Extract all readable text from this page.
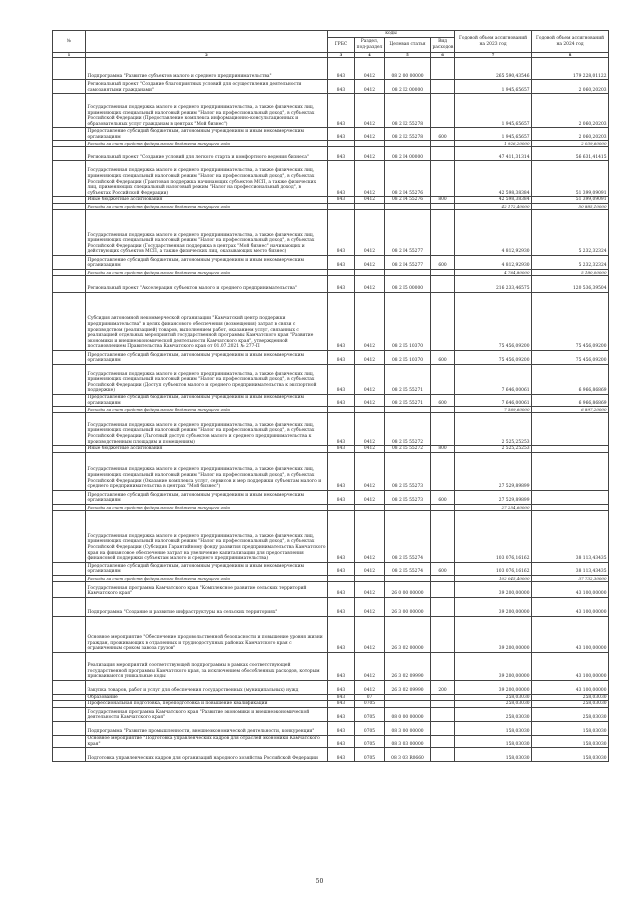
№		коды				Годовой объем ассигнований на 2023 год	Годовой объем ассигнований на 2024 год
		ГРБС	Раздел, под-раздел	Целевая статья	Вид расходов		
1	2	3	4	5	6	7	8
	Подпрограмма "Развитие субъектов малого и среднего предпринимательства"	843	0412	08 2 00 00000		265 590,43546	179 228,01122
	Региональный проект "Создание благоприятных условий для осуществления деятельности самозанятыми гражданами"	843	0412	08 2 I2 00000		1 945,65657	2 060,20203
	Государственная поддержка малого и среднего предпринимательства, а также физических лиц, применяющих специальный налоговый режим "Налог на профессиональный доход", в субъектах Российской Федерации (Предоставление комплекса информационно-консультационных и образовательных услуг гражданам в центрах "Мой бизнес")	843	0412	08 2 I2 55278		1 945,65657	2 060,20203
	Предоставление субсидий бюджетным, автономным учреждениям и иным некоммерческим организациям	843	0412	08 2 I2 55278	600	1 945,65657	2 060,20203
	Расходы за счет средств федерального бюджета текущего года					1 926,20000	2 039,60000
	Региональный проект "Создание условий для легкого старта и комфортного ведения бизнеса"	843	0412	08 2 I4 00000		47 411,31314	56 631,41415
	Государственная поддержка малого и среднего предпринимательства, а также физических лиц, применяющих специальный налоговый режим "Налог на профессиональный доход", в субъектах Российской Федерации (Грантовая поддержка начинающих субъектов МСП, а также физических лиц, применяющих специальный налоговый режим "Налог на профессиональный доход", в субъектах Российской Федерации)	843	0412	08 2 I4 55276		42 598,38384	51 399,09091
	Иные бюджетные ассигнования	843	0412	08 2 I4 55276	800	42 598,38384	51 399,09091
	Расходы за счет средств федерального бюджета текущего года					42 172,40000	50 885,10000
	Государственная поддержка малого и среднего предпринимательства, а также физических лиц, применяющих специальный налоговый режим "Налог на профессиональный доход", в субъектах Российской Федерации (Государственная поддержка в центрах "Мой бизнес" начинающих и действующих субъектов МСП, а также физических лиц, оказывающих место бизнес)	843	0412	08 2 I4 55277		4 812,92930	5 232,32324
	Предоставление субсидий бюджетным, автономным учреждениям и иным некоммерческим организациям	843	0412	08 2 I4 55277	600	4 812,92930	5 232,32324
	Расходы за счет средств федерального бюджета текущего года					4 764,80000	5 180,00000
	Региональный проект "Акселерация субъектов малого и среднего предпринимательства"	843	0412	08 2 I5 00000		216 233,46575	120 536,39504
	Субсидия автономной некоммерческой организации "Камчатский центр поддержки предпринимательства" в целях финансового обеспечения (возмещения) затрат в связи с производством (реализацией) товаров, выполнением работ, оказанием услуг, связанных с реализацией отдельных мероприятий государственной программы Камчатского края "Развитие экономики и внешнеэкономической деятельности Камчатского края", утвержденной постановлением Правительства Камчатского края от 01.07.2021 № 277-П	843	0412	08 2 I5 10370		75 456,09200	75 456,09200
	Предоставление субсидий бюджетным, автономным учреждениям и иным некоммерческим организациям	843	0412	08 2 I5 10370	600	75 456,09200	75 456,09200
	Государственная поддержка малого и среднего предпринимательства, а также физических лиц, применяющих специальный налоговый режим "Налог на профессиональный доход", в субъектах Российской Федерации (Доступ субъектов малого и среднего предпринимательства к экспортной поддержке)	843	0412	08 2 I5 55271		7 646,00061	6 966,86869
	Предоставление субсидий бюджетным, автономным учреждениям и иным некоммерческим организациям	843	0412	08 2 I5 55271	600	7 646,00061	6 966,86869
	Расходы за счет средств федерального бюджета текущего года					7 569,60000	6 897,20000
	Государственная поддержка малого и среднего предпринимательства, а также физических лиц, применяющих специальный налоговый режим "Налог на профессиональный доход", в субъектах Российской Федерации (Льготный доступ субъектов малого и среднего предпринимательства к производственным площадям и помещениям)	843	0412	08 2 I5 55272		2 525,25253	
	Иные бюджетные ассигнования	843	0412	08 2 I5 55272	800	2 525,25253	
	Государственная поддержка малого и среднего предпринимательства, а также физических лиц, применяющих специальный налоговый режим "Налог на профессиональный доход", в субъектах Российской Федерации (Оказание комплекса услуг, сервисов и мер поддержки субъектам малого и среднего предпринимательства в центрах "Мой бизнес")	843	0412	08 2 I5 55273		27 529,89899	
	Предоставление субсидий бюджетным, автономным учреждениям и иным некоммерческим организациям	843	0412	08 2 I5 55273	600	27 529,89899	
	Расходы за счет средств федерального бюджета текущего года					27 254,60000	
	Государственная поддержка малого и среднего предпринимательства, а также физических лиц, применяющих специальный налоговый режим "Налог на профессиональный доход", в субъектах Российской Федерации (Субсидия Гарантийному фонду развития предпринимательства Камчатского края на финансовое обеспечение затрат на увеличение капитализации для предоставления финансовой поддержки субъектам малого и среднего предпринимательства)	843	0412	08 2 I5 55274		103 076,16162	38 113,43435
	Предоставление субсидий бюджетным, автономным учреждениям и иным некоммерческим организациям	843	0412	08 2 I5 55274	600	103 076,16162	38 113,43435
	Расходы за счет средств федерального бюджета текущего года					102 045,40000	37 732,30000
	Государственная программа Камчатского края "Комплексное развитие сельских территорий Камчатского края"	843	0412	26 0 00 00000		39 200,00000	43 100,00000
	Подпрограмма "Создание и развитие инфраструктуры на сельских территориях"	843	0412	26 3 00 00000		39 200,00000	43 100,00000
	Основное мероприятие "Обеспечение продовольственной безопасности и повышение уровня жизни граждан, проживающих в отдаленных и труднодоступных районах Камчатского края с ограниченным сроком завоза грузов"	843	0412	26 3 02 00000		39 200,00000	43 100,00000
	Реализация мероприятий соответствующей подпрограммы в рамках соответствующей государственной программы Камчатского края, за исключением обособленных расходов, которым присваиваются уникальные коды	843	0412	26 3 02 09990		39 200,00000	43 100,00000
	Закупка товаров, работ и услуг для обеспечения государственных (муниципальных) нужд	843	0412	26 3 02 09990	200	39 200,00000	43 100,00000
	Образование	843	07			258,03030	258,03030
	Профессиональная подготовка, переподготовка и повышение квалификации	843	0705			258,03030	258,03030
	Государственная программа Камчатского края "Развитие экономики и внешнеэкономической деятельности Камчатского края"	843	0705	08 0 00 00000		258,03030	258,03030
	Подпрограмма "Развитие промышленности, внешнеэкономической деятельности, конкуренции"	843	0705	08 3 00 00000		158,03030	158,03030
	Основное мероприятие "Подготовка управленческих кадров для отраслей экономики Камчатского края"	843	0705	08 3 03 00000		158,03030	158,03030
	Подготовка управленческих кадров для организаций народного хозяйства Российской Федерации	843	0705	08 3 03 R0660		158,03030	158,03030
50
